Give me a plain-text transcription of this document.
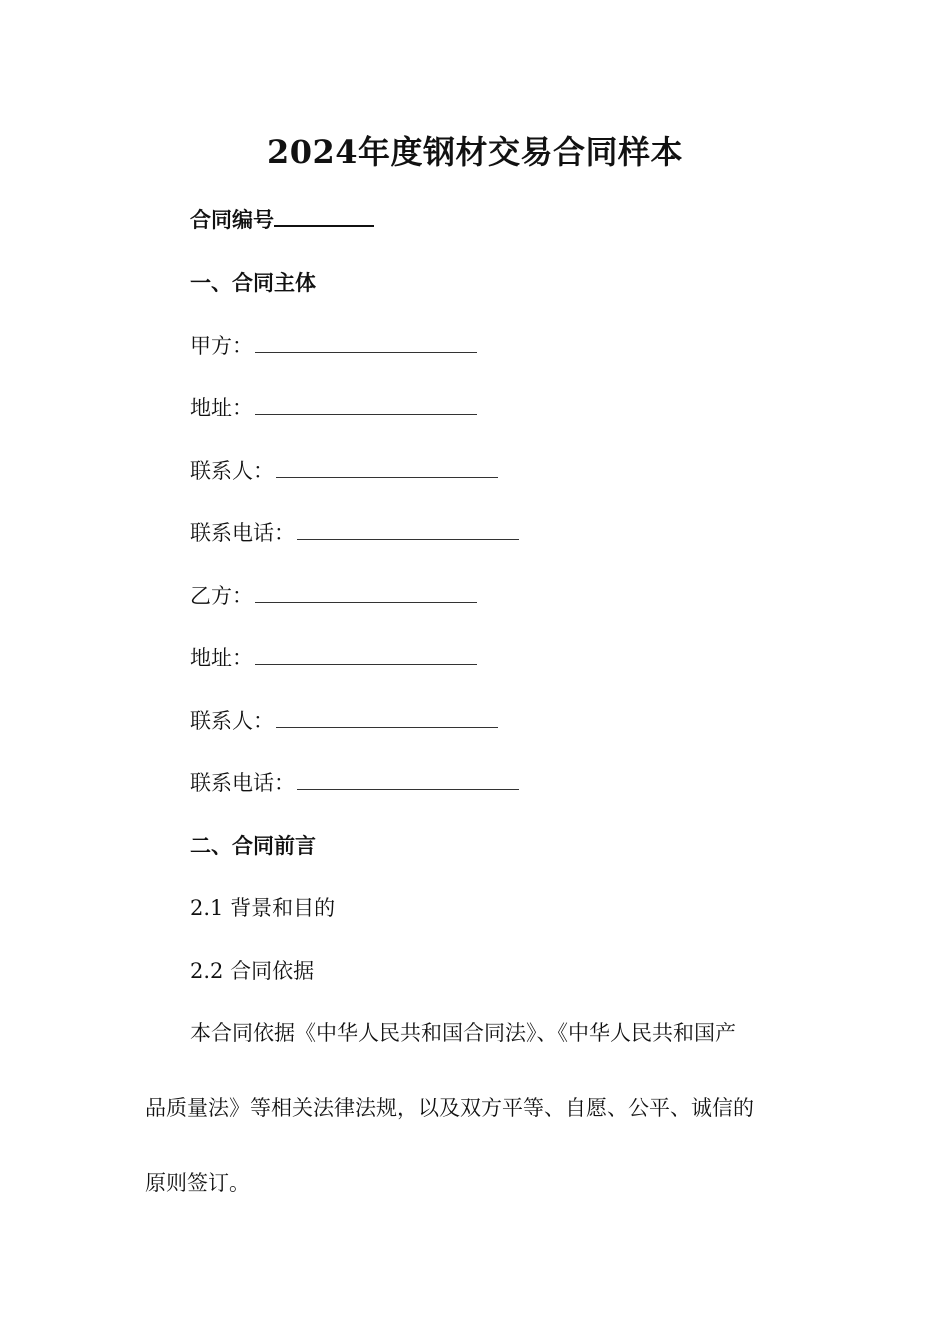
2024年度钢材交易合同样本
合同编号
一、合同主体
甲方：
地址：
联系人：
联系电话：
乙方：
地址：
联系人：
联系电话：
二、合同前言
2.1 背景和目的
2.2 合同依据
本合同依据《中华人民共和国合同法》、《中华人民共和国产
品质量法》等相关法律法规，以及双方平等、自愿、公平、诚信的
原则签订。
